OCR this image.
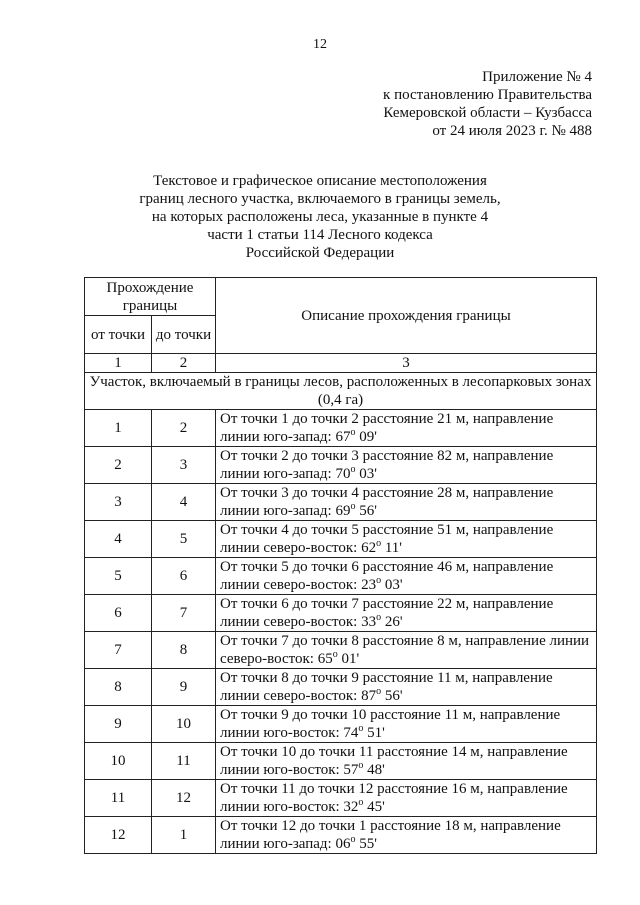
12
Приложение № 4
к постановлению Правительства
Кемеровской области – Кузбасса
от 24 июля 2023 г. № 488
Текстовое и графическое описание местоположения
границ лесного участка, включаемого в границы земель,
на которых расположены леса, указанные в пункте 4
части 1 статьи 114 Лесного кодекса
Российской Федерации
Прохождение границы		Описание прохождения границы
от точки	до точки	
1	2	3
Участок, включаемый в границы лесов, расположенных в лесопарковых зонах (0,4 га)		
1	2	От точки 1 до точки 2 расстояние 21 м, направление линии юго-запад: $67^о$ 09'
2	3	От точки 2 до точки 3 расстояние 82 м, направление линии юго-запад: $70^о$ 03'
3	4	От точки 3 до точки 4 расстояние 28 м, направление линии юго-запад: $69^о$ 56'
4	5	От точки 4 до точки 5 расстояние 51 м, направление линии северо-восток: $62^о$ 11'
5	6	От точки 5 до точки 6 расстояние 46 м, направление линии северо-восток: $23^о$ 03'
6	7	От точки 6 до точки 7 расстояние 22 м, направление линии северо-восток: $33^о$ 26'
7	8	От точки 7 до точки 8 расстояние 8 м, направление линии северо-восток: $65^о$ 01'
8	9	От точки 8 до точки 9 расстояние 11 м, направление линии северо-восток: $87^о$ 56'
9	10	От точки 9 до точки 10 расстояние 11 м, направление линии юго-восток: $74^о$ 51'
10	11	От точки 10 до точки 11 расстояние 14 м, направление линии юго-восток: $57^о$ 48'
11	12	От точки 11 до точки 12 расстояние 16 м, направление линии юго-восток: $32^о$ 45'
12	1	От точки 12 до точки 1 расстояние 18 м, направление линии юго-запад: $06^о$ 55'
